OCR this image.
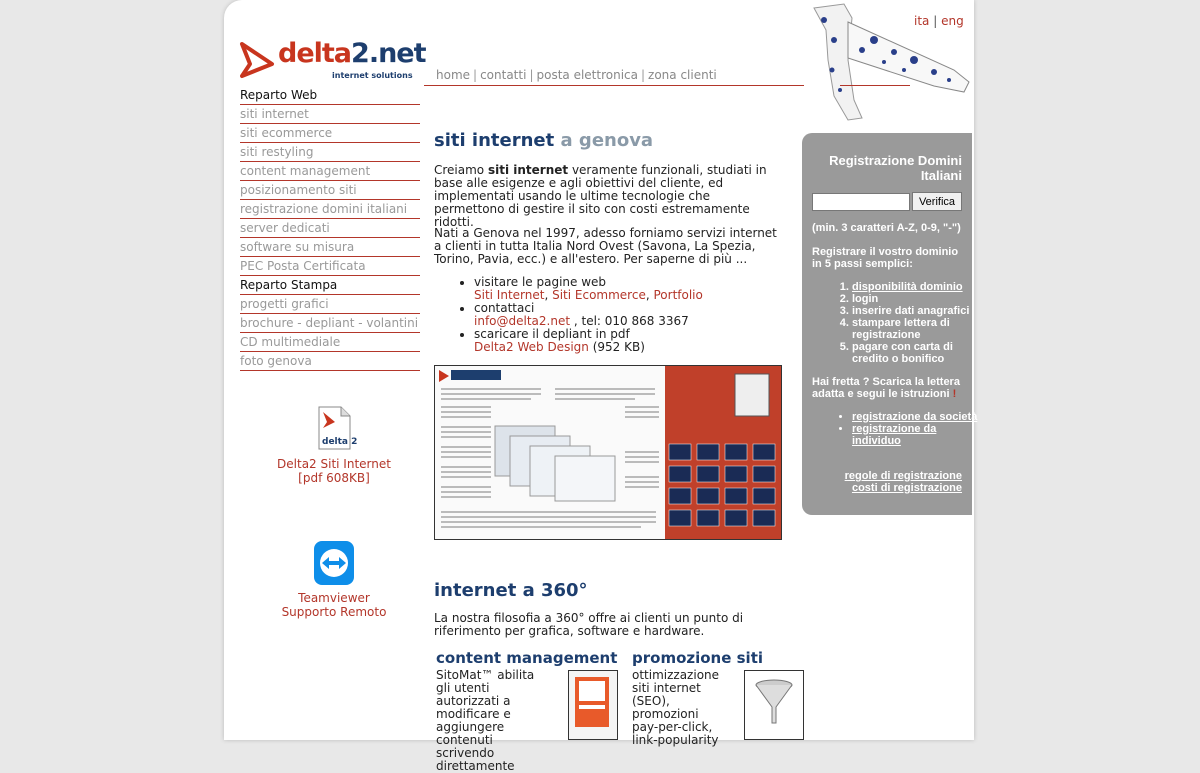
ita | eng
delta2.net
internet solutions home | contatti | posta elettronica | zona clienti
Reparto Web
siti internet
siti ecommerce
siti restyling
content management
posizionamento siti
registrazione domini italiani
server dedicati
software su misura
PEC Posta Certificata
Reparto Stampa
progetti grafici
brochure - depliant - volantini
CD multimediale
foto genova
delta 2
Delta2 Siti Internet
[pdf 608KB]
Teamviewer
Supporto Remoto
siti internet a genova

Creiamo siti internet veramente funzionali, studiati in base alle esigenze e agli obiettivi del cliente, ed implementati usando le ultime tecnologie che permettono di gestire il sito con costi estremamente ridotti.

Nati a Genova nel 1997, adesso forniamo servizi internet a clienti in tutta Italia Nord Ovest (Savona, La Spezia, Torino, Pavia, ecc.) e all'estero. Per saperne di più ...

• visitare le pagine web
Siti Internet, Siti Ecommerce, Portfolio
• contattaci
info@delta2.net , tel: 010 868 3367
• scaricare il depliant in pdf
Delta2 Web Design (952 KB)
internet a 360°

La nostra filosofia a 360° offre ai clienti un punto di riferimento per grafica, software e hardware.

content management

SitoMat™ abilita gli utenti autorizzati a modificare e aggiungere contenuti scrivendo direttamente

promozione siti

ottimizzazione siti internet (SEO), promozioni pay-per-click, link-popularity

Registrazione Domini Italiani
Verifica
(min. 3 caratteri A-Z, 0-9, "-")
Registrare il vostro dominio in 5 passi semplici:
1. disponibilità dominio
2. login
3. inserire dati anagrafici
4. stampare lettera di registrazione
5. pagare con carta di credito o bonifico
Hai fretta ? Scarica la lettera adatta e segui le istruzioni !
• registrazione da società
• registrazione da individuo
regole di registrazione
costi di registrazione
